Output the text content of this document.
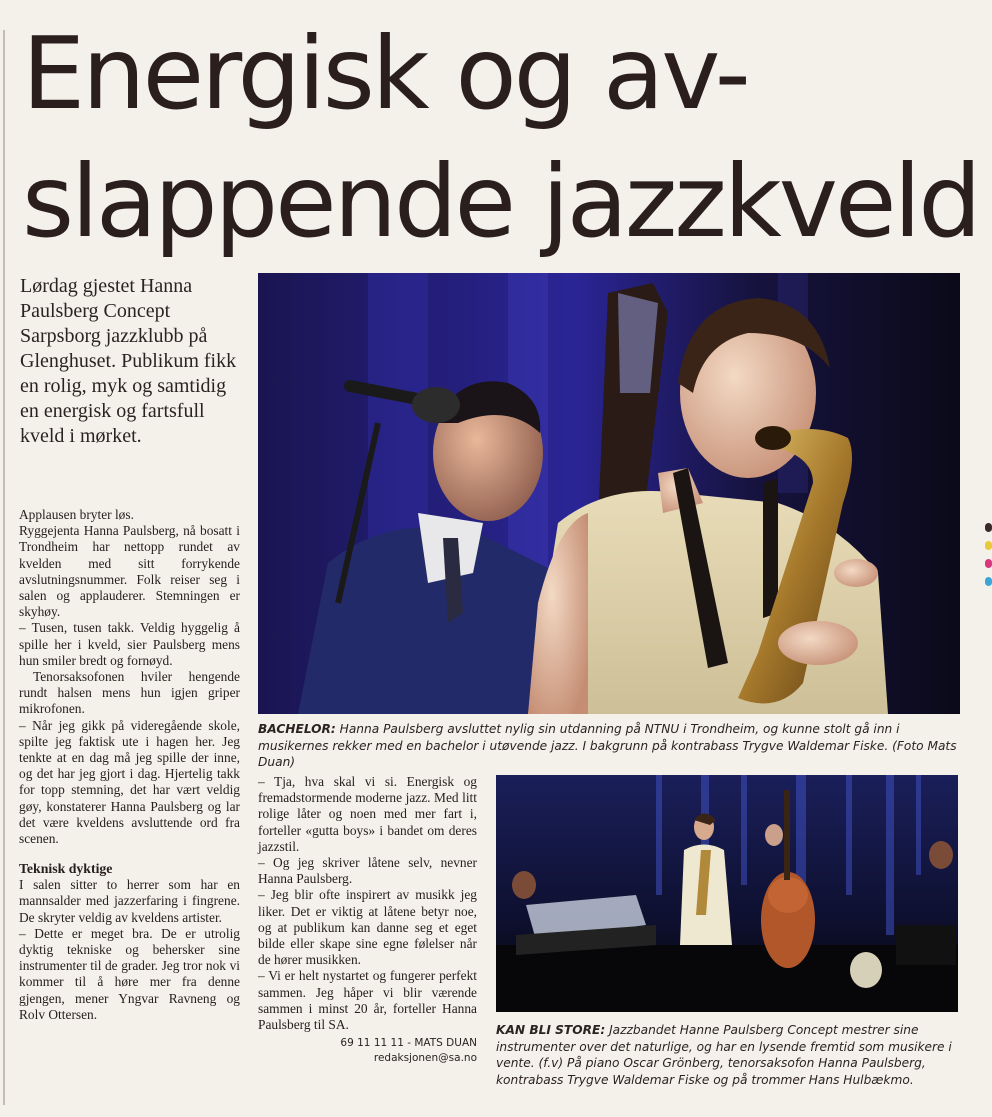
Energisk og av-
slappende jazzkveld
Lørdag gjestet Hanna Paulsberg Concept Sarpsborg jazzklubb på Glenghuset. Publikum fikk en rolig, myk og samtidig en energisk og fartsfull kveld i mørket.

Applausen bryter løs.

Ryggejenta Hanna Paulsberg, nå bosatt i Trondheim har nettopp rundet av kvelden med sitt forrykende avslutningsnummer. Folk reiser seg i salen og applauderer. Stemningen er skyhøy.

– Tusen, tusen takk. Veldig hyggelig å spille her i kveld, sier Paulsberg mens hun smiler bredt og fornøyd.

Tenorsaksofonen hviler hengende rundt halsen mens hun igjen griper mikrofonen.

– Når jeg gikk på videregående skole, spilte jeg faktisk ute i hagen her. Jeg tenkte at en dag må jeg spille der inne, og det har jeg gjort i dag. Hjertelig takk for topp stemning, det har vært veldig gøy, konstaterer Hanna Paulsberg og lar det være kveldens avsluttende ord fra scenen.

Teknisk dyktige

I salen sitter to herrer som har en mannsalder med jazzerfaring i fingrene. De skryter veldig av kveldens artister.

– Dette er meget bra. De er utrolig dyktig tekniske og behersker sine instrumenter til de grader. Jeg tror nok vi kommer til å høre mer fra denne gjengen, mener Yngvar Ravneng og Rolv Ottersen.

BACHELOR: Hanna Paulsberg avsluttet nylig sin utdanning på NTNU i Trondheim, og kunne stolt gå inn i musikernes rekker med en bachelor i utøvende jazz. I bakgrunn på kontrabass Trygve Waldemar Fiske. (Foto Mats Duan)

– Tja, hva skal vi si. Energisk og fremadstormende moderne jazz. Med litt rolige låter og noen med mer fart i, forteller «gutta boys» i bandet om deres jazzstil.

– Og jeg skriver låtene selv, nevner Hanna Paulsberg.

– Jeg blir ofte inspirert av musikk jeg liker. Det er viktig at låtene betyr noe, og at publikum kan danne seg et eget bilde eller skape sine egne følelser når de hører musikken.

– Vi er helt nystartet og fungerer perfekt sammen. Jeg håper vi blir værende sammen i minst 20 år, forteller Hanna Paulsberg til SA.

69 11 11 11 - MATS DUAN
redaksjonen@sa.no
KAN BLI STORE: Jazzbandet Hanne Paulsberg Concept mestrer sine instrumenter over det naturlige, og har en lysende fremtid som musikere i vente. (f.v) På piano Oscar Grönberg, tenorsaksofon Hanna Paulsberg, kontrabass Trygve Waldemar Fiske og på trommer Hans Hulbækmo.
